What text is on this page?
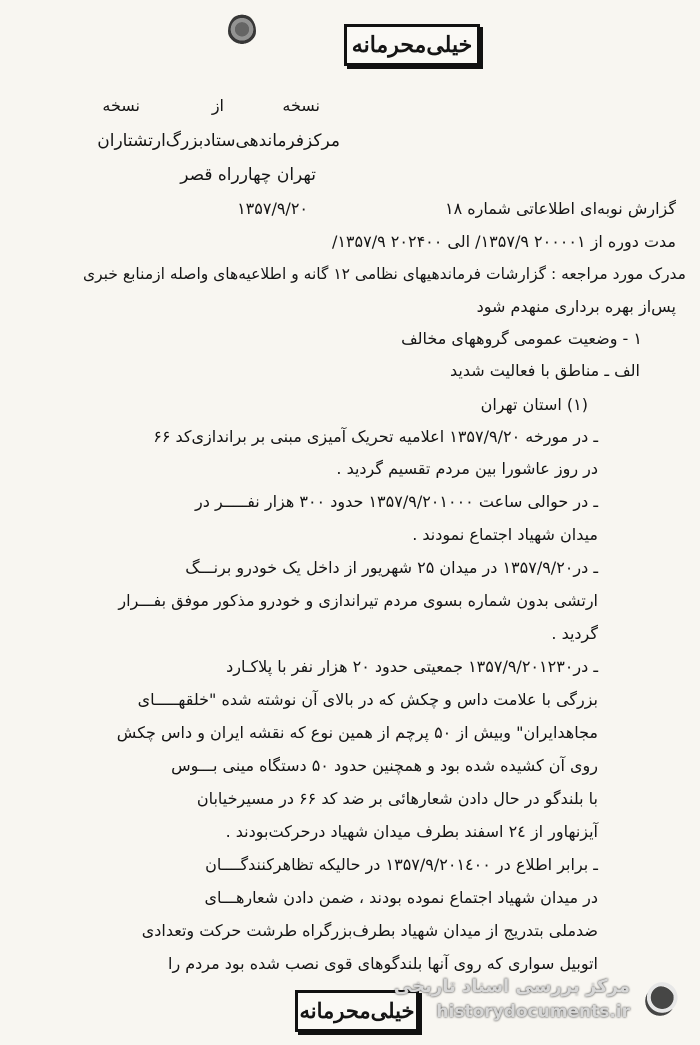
خیلی‌محرمانه
نسخه
از
نسخه
مرکزفرماندهی‌ستادبزرگ‌ارتشتاران
تهران چهارراه قصر
گزارش نوبه‌ای اطلاعاتی شماره ۱۸
۱۳۵۷/۹/۲۰
مدت دوره از ۲۰۰۰۰۱ ۱۳۵۷/۹/ الی ۲۰۲۴۰۰ ۱۳۵۷/۹/
مدرک مورد مراجعه : گزارشات فرماندهیهای نظامی ۱۲ گانه و اطلاعیه‌های واصله ازمنابع خبری
پس‌از بهره برداری منهدم شود
۱ - وضعیت عمومی گروههای مخالف
الف ـ مناطق با فعالیت شدید
(۱) استان تهران
ـ در مورخه ۱۳۵۷/۹/۲۰ اعلامیه تحریک آمیزی مبنی بر براندازی‌کد ۶۶
در روز عاشورا بین مردم تقسیم گردید .
ـ در حوالی ساعت ۱۳۵۷/۹/۲۰۱۰۰۰ حدود ۳۰۰ هزار نفـــــر در
میدان شهیاد اجتماع نمودند .
ـ در۱۳۵۷/۹/۲۰ در میدان ۲۵ شهریور از داخل یک خودرو برنـــگ
ارتشی بدون شماره بسوی مردم تیراندازی و خودرو مذکور موفق بفـــرار
گردید .
ـ در۱۳۵۷/۹/۲۰۱۲۳۰ جمعیتی حدود ۲۰ هزار نفر با پلاکـارد
بزرگی با علامت داس و چکش که در بالای آن نوشته شده "خلقهـــــای
مجاهدایران" وبیش از ۵۰ پرچم از همین نوع که نقشه ایران و داس چکش
روی آن کشیده شده بود و همچنین حدود ۵۰ دستگاه مینی بـــوس
با بلندگو در حال دادن شعارهائی بر ضد کد ۶۶ در مسیرخیابان
آیزنهاور از ۲٤ اسفند بطرف میدان شهیاد درحرکت‌بودند .
ـ برابر اطلاع در ۱۳۵۷/۹/۲۰۱٤۰۰ در حالیکه تظاهرکنندگــــان
در میدان شهیاد اجتماع نموده بودند ، ضمن دادن شعارهـــای
ضدملی بتدریج از میدان شهیاد بطرف‌بزرگراه طرشت حرکت وتعدادی
اتوبیل سواری که روی آنها بلندگوهای قوی نصب شده بود مردم را
خیلی‌محرمانه
مرکز بررسی اسناد تاریخی
historydocuments.ir
